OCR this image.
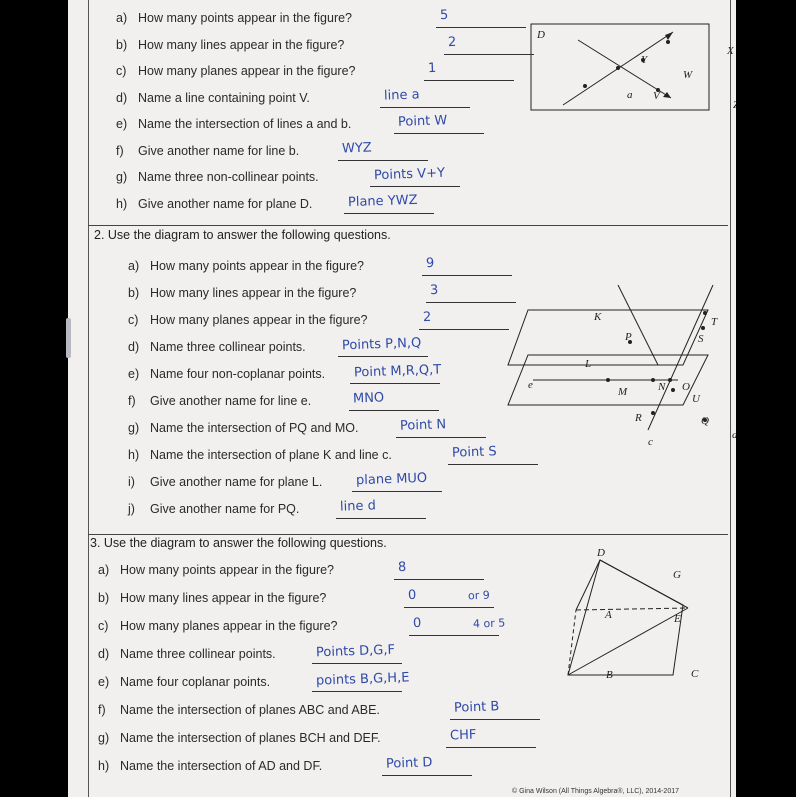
D
Y
X
W
V
Z
a
b
2. Use the diagram to answer the following questions.
K
L
P	S
T
M	N O
U
R	Q
c
d
e
3. Use the diagram to answer the following questions.
D
G
F
A	E
H
B	C
© Gina Wilson (All Things Algebra®, LLC), 2014-2017
a) How many points appear in the figure?	5
b) How many lines appear in the figure?	2
c) How many planes appear in the figure?	1
d) Name a line containing point V.	line a
e) Name the intersection of lines a and b.	Point W
f) Give another name for line b.	WYZ
g) Name three non-collinear points.	Points V+Y
h) Give another name for plane D.	Plane YWZ
a) How many points appear in the figure?	9
b) How many lines appear in the figure?	3
c) How many planes appear in the figure?	2
d) Name three collinear points.	Points P,N,Q
e) Name four non-coplanar points. Point M,R,Q,T
f) Give another name for line e.	MNO
g) Name the intersection of PQ and MO.	Point N
h) Name the intersection of plane K and line c.	Point S
i) Give another name for plane L.	plane MUO
j) Give another name for PQ.	line d
a) How many points appear in the figure?	8
b) How many lines appear in the figure?	0	or 9
c) How many planes appear in the figure?	0	4 or 5
d) Name three collinear points.	Points D,G,F
e) Name four coplanar points.	points B,G,H,E
f) Name the intersection of planes ABC and ABE.	Point B
g) Name the intersection of planes BCH and DEF.	CHF
h) Name the intersection of AD and DF.	Point D
